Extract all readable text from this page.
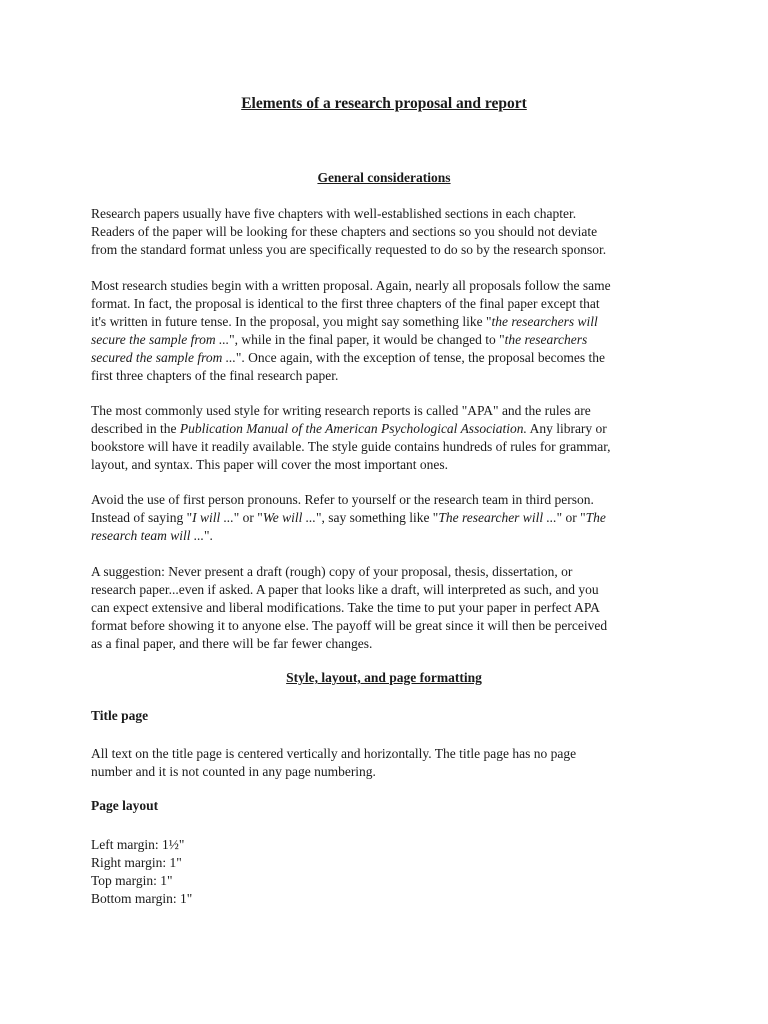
Elements of a research proposal and report
General considerations

Research papers usually have five chapters with well-established sections in each chapter.
Readers of the paper will be looking for these chapters and sections so you should not deviate
from the standard format unless you are specifically requested to do so by the research sponsor.

Most research studies begin with a written proposal. Again, nearly all proposals follow the same
format. In fact, the proposal is identical to the first three chapters of the final paper except that
it's written in future tense. In the proposal, you might say something like "the researchers will
secure the sample from ...", while in the final paper, it would be changed to "the researchers
secured the sample from ...". Once again, with the exception of tense, the proposal becomes the
first three chapters of the final research paper.

The most commonly used style for writing research reports is called "APA" and the rules are
described in the Publication Manual of the American Psychological Association. Any library or
bookstore will have it readily available. The style guide contains hundreds of rules for grammar,
layout, and syntax. This paper will cover the most important ones.

Avoid the use of first person pronouns. Refer to yourself or the research team in third person.
Instead of saying "I will ..." or "We will ...", say something like "The researcher will ..." or "The
research team will ...".

A suggestion: Never present a draft (rough) copy of your proposal, thesis, dissertation, or
research paper...even if asked. A paper that looks like a draft, will interpreted as such, and you
can expect extensive and liberal modifications. Take the time to put your paper in perfect APA
format before showing it to anyone else. The payoff will be great since it will then be perceived
as a final paper, and there will be far fewer changes.

Style, layout, and page formatting
Title page

All text on the title page is centered vertically and horizontally. The title page has no page
number and it is not counted in any page numbering.

Page layout
Left margin: 1½"
Right margin: 1"
Top margin: 1"
Bottom margin: 1"
